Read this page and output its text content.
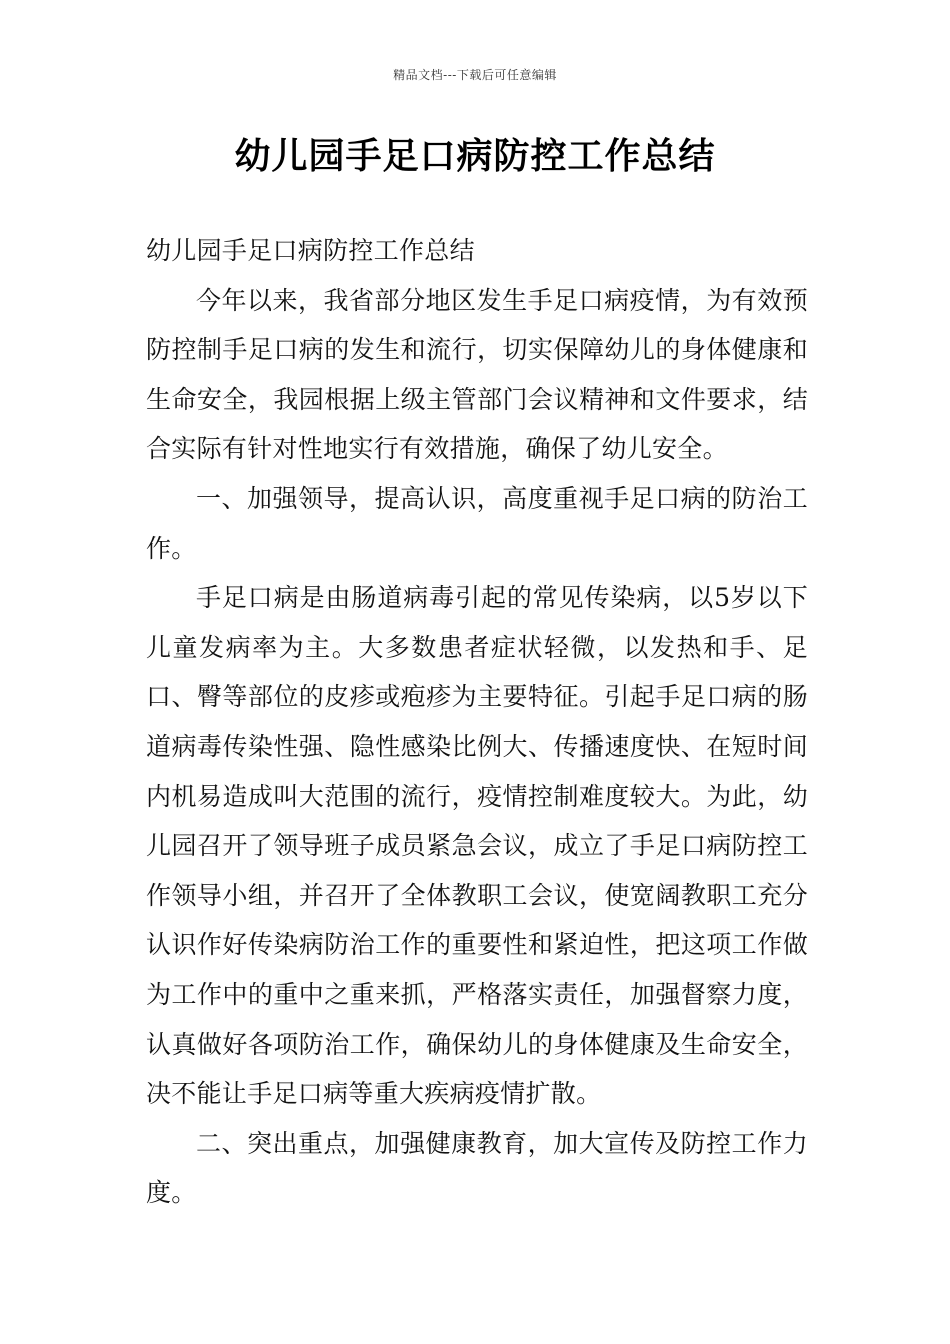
精品文档---下载后可任意编辑
幼儿园手足口病防控工作总结

幼儿园手足口病防控工作总结

今年以来，我省部分地区发生手足口病疫情，为有效预防控制手足口病的发生和流行，切实保障幼儿的身体健康和生命安全，我园根据上级主管部门会议精神和文件要求，结合实际有针对性地实行有效措施，确保了幼儿安全。

一、加强领导，提高认识，高度重视手足口病的防治工作。

手足口病是由肠道病毒引起的常见传染病，以5岁以下儿童发病率为主。大多数患者症状轻微，以发热和手、足口、臀等部位的皮疹或疱疹为主要特征。引起手足口病的肠道病毒传染性强、隐性感染比例大、传播速度快、在短时间内机易造成叫大范围的流行，疫情控制难度较大。为此，幼儿园召开了领导班子成员紧急会议，成立了手足口病防控工作领导小组，并召开了全体教职工会议，使宽阔教职工充分认识作好传染病防治工作的重要性和紧迫性，把这项工作做为工作中的重中之重来抓，严格落实责任，加强督察力度，认真做好各项防治工作，确保幼儿的身体健康及生命安全，决不能让手足口病等重大疾病疫情扩散。

二、突出重点，加强健康教育，加大宣传及防控工作力度。
